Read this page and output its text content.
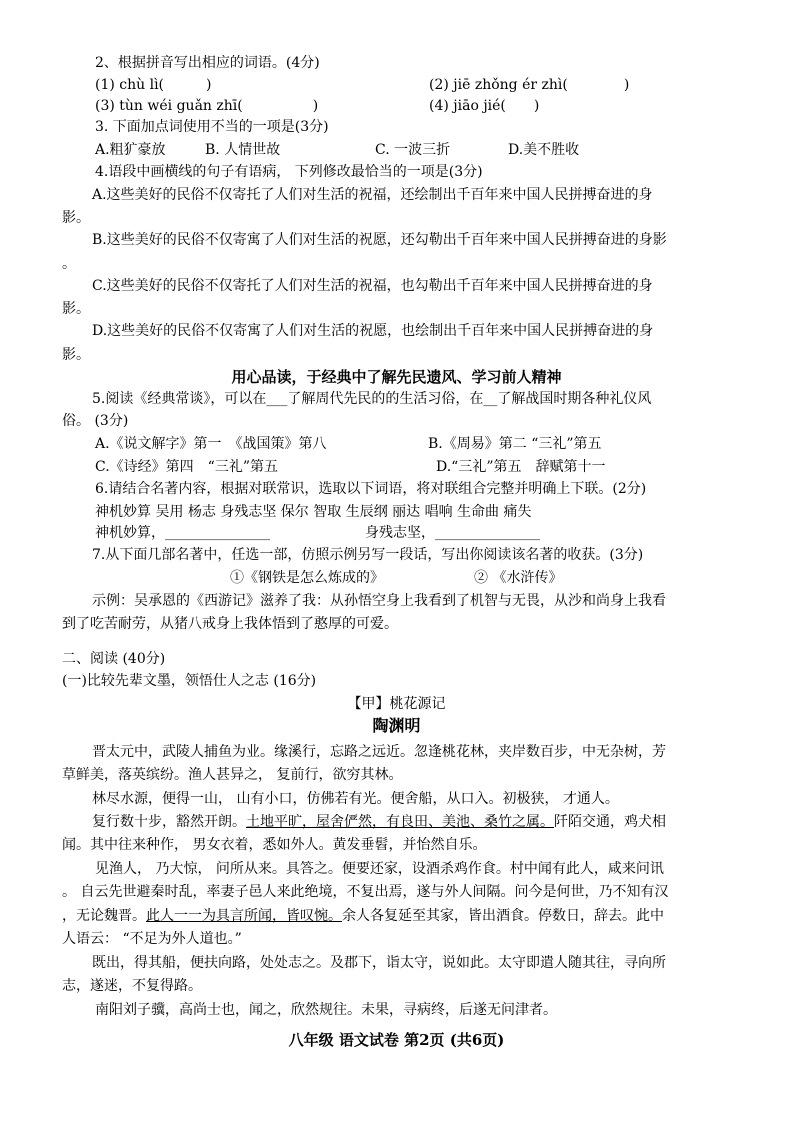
2、根据拼音写出相应的词语。(4分)
(1) chù lì(　　　)	(2) jiē zhǒng ér zhì(　　　　)
(3) tùn wéi guǎn zhī(　　　　　)	(4) jiāo jié(　　)
3. 下面加点词使用不当的一项是(3分)
A.粗犷豪放	B. 人情世故	C. 一波三折	D.美不胜收
4.语段中画横线的句子有语病， 下列修改最恰当的一项是(3分)
A.这些美好的民俗不仅寄托了人们对生活的祝福，还绘制出千百年来中国人民拼搏奋进的身
影。
B.这些美好的民俗不仅寄寓了人们对生活的祝愿，还勾勒出千百年来中国人民拼搏奋进的身影
。
C.这些美好的民俗不仅寄托了人们对生活的祝福，也勾勒出千百年来中国人民拼搏奋进的身
影。
D.这些美好的民俗不仅寄寓了人们对生活的祝愿，也绘制出千百年来中国人民拼搏奋进的身
影。
用心品读，于经典中了解先民遗风、学习前人精神
5.阅读《经典常谈》，可以在___了解周代先民的的生活习俗，在__了解战国时期各种礼仪风
俗。 (3分)
A.《说文解字》第一　《战国策》第八	B.《周易》第二 “三礼”第五
C.《诗经》第四　“三礼”第五	D.“三礼”第五　辞赋第十一
6.请结合名著内容，根据对联常识，选取以下词语，将对联组合完整并明确上下联。(2分)
神机妙算 吴用 杨志 身残志坚 保尔 智取 生辰纲 丽达 唱响 生命曲 痛失
神机妙算，_______________	身残志坚，_______________
7.从下面几部名著中，任选一部，仿照示例另写一段话，写出你阅读该名著的收获。(3分)
①《钢铁是怎么炼成的》	② 《水浒传》
示例：吴承恩的《西游记》滋养了我：从孙悟空身上我看到了机智与无畏，从沙和尚身上我看
到了吃苦耐劳，从猪八戒身上我体悟到了憨厚的可爱。
二、阅读 (40分)
(一)比较先辈文墨，领悟仕人之志 (16分)
【甲】桃花源记
陶渊明
晋太元中，武陵人捕鱼为业。缘溪行，忘路之远近。忽逢桃花林，夹岸数百步，中无杂树，芳
草鲜美，落英缤纷。渔人甚异之， 复前行，欲穷其林。
林尽水源，便得一山， 山有小口，仿佛若有光。便舍船，从口入。初极狭， 才通人。
复行数十步，豁然开朗。土地平旷，屋舍俨然，有良田、美池、桑竹之属。阡陌交通，鸡犬相
闻。其中往来种作， 男女衣着，悉如外人。黄发垂髫，并怡然自乐。
见渔人， 乃大惊， 问所从来。具答之。便要还家，设酒杀鸡作食。村中闻有此人，咸来问讯
。 自云先世避秦时乱，率妻子邑人来此绝境，不复出焉，遂与外人间隔。问今是何世，乃不知有汉
，无论魏晋。此人一一为具言所闻，皆叹惋。余人各复延至其家，皆出酒食。停数日，辞去。此中
人语云： “不足为外人道也。”
既出，得其船，便扶向路，处处志之。及郡下，诣太守，说如此。太守即遣人随其往，寻向所
志，遂迷，不复得路。
南阳刘子骥，高尚士也，闻之，欣然规往。未果，寻病终，后遂无问津者。
八年级 语文试卷 第2页 (共6页)
